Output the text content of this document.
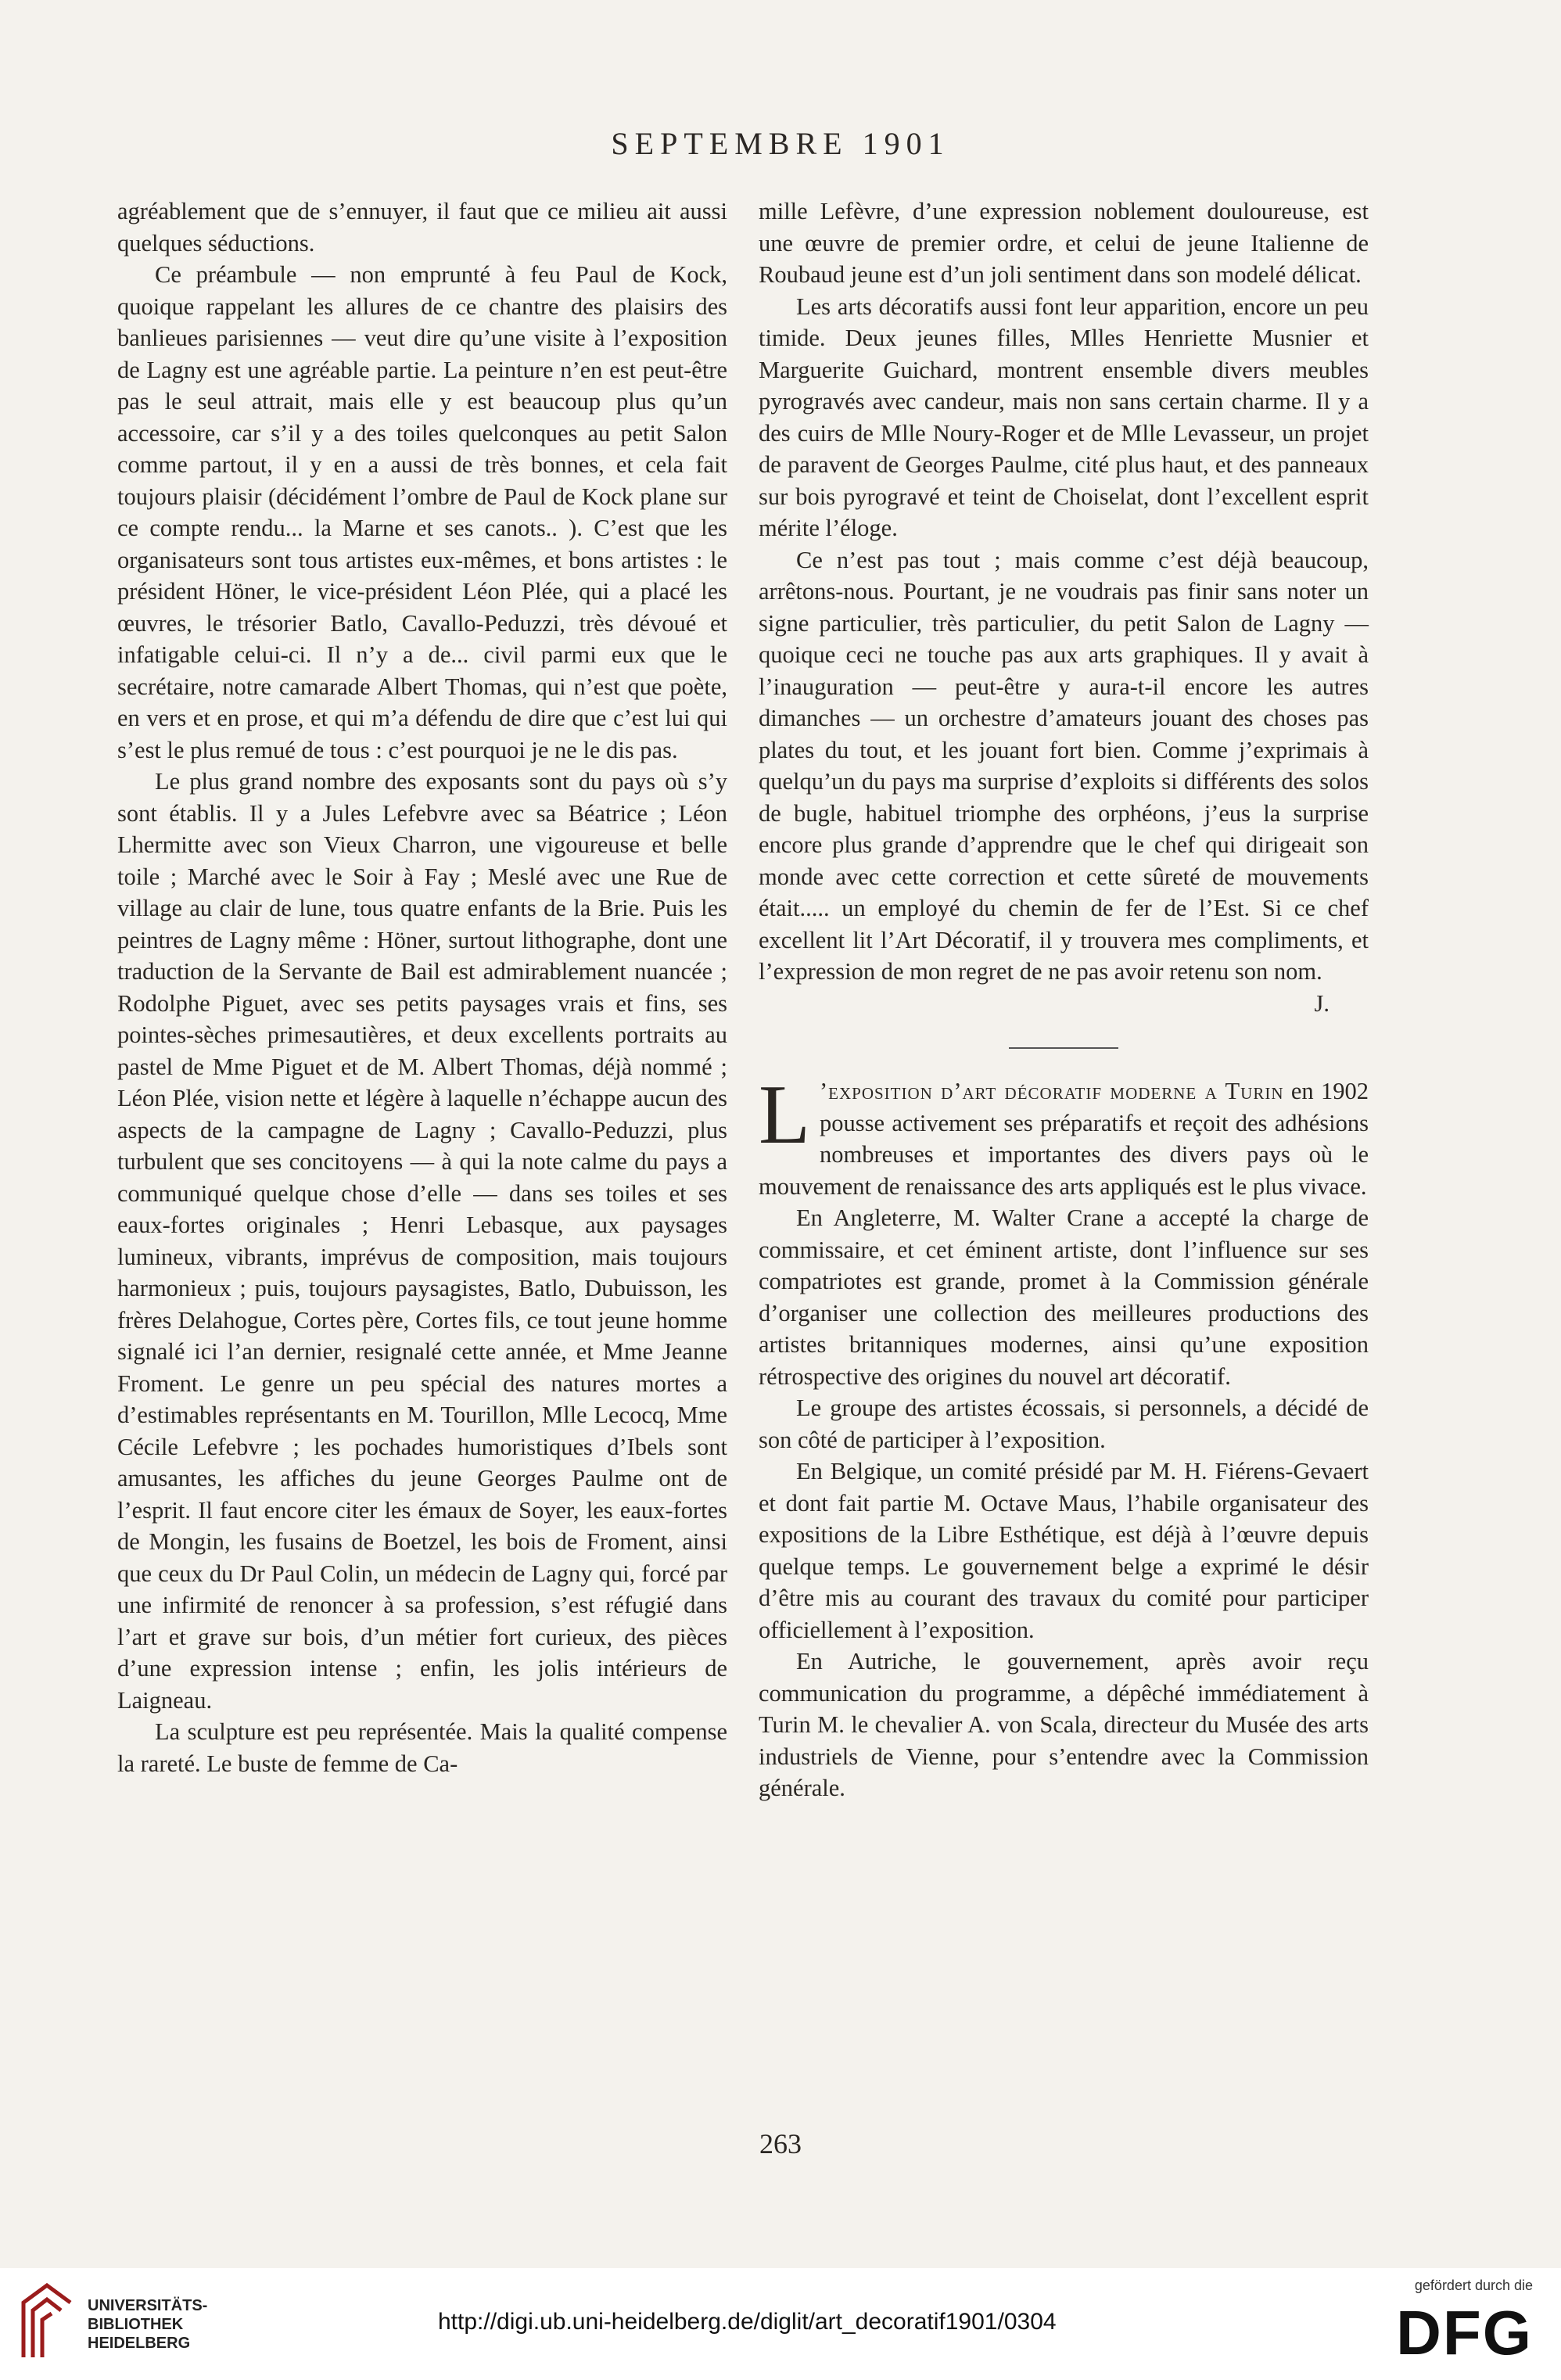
SEPTEMBRE 1901

agréablement que de s’ennuyer, il faut que ce milieu ait aussi quelques séductions.

Ce préambule — non emprunté à feu Paul de Kock, quoique rappelant les allures de ce chantre des plaisirs des banlieues parisiennes — veut dire qu’une visite à l’exposition de Lagny est une agréable partie. La peinture n’en est peut-être pas le seul attrait, mais elle y est beaucoup plus qu’un accessoire, car s’il y a des toiles quelconques au petit Salon comme partout, il y en a aussi de très bonnes, et cela fait toujours plaisir (décidément l’ombre de Paul de Kock plane sur ce compte rendu... la Marne et ses canots.. ). C’est que les organisateurs sont tous artistes eux-mêmes, et bons artistes : le président Höner, le vice-président Léon Plée, qui a placé les œuvres, le trésorier Batlo, Cavallo-Peduzzi, très dévoué et infatigable celui-ci. Il n’y a de... civil parmi eux que le secrétaire, notre camarade Albert Thomas, qui n’est que poète, en vers et en prose, et qui m’a défendu de dire que c’est lui qui s’est le plus remué de tous : c’est pourquoi je ne le dis pas.

Le plus grand nombre des exposants sont du pays où s’y sont établis. Il y a Jules Lefebvre avec sa Béatrice ; Léon Lhermitte avec son Vieux Charron, une vigoureuse et belle toile ; Marché avec le Soir à Fay ; Meslé avec une Rue de village au clair de lune, tous quatre enfants de la Brie. Puis les peintres de Lagny même : Höner, surtout lithographe, dont une traduction de la Servante de Bail est admirablement nuancée ; Rodolphe Piguet, avec ses petits paysages vrais et fins, ses pointes-sèches primesautières, et deux excellents portraits au pastel de Mme Piguet et de M. Albert Thomas, déjà nommé ; Léon Plée, vision nette et légère à laquelle n’échappe aucun des aspects de la campagne de Lagny ; Cavallo-Peduzzi, plus turbulent que ses concitoyens — à qui la note calme du pays a communiqué quelque chose d’elle — dans ses toiles et ses eaux-fortes originales ; Henri Lebasque, aux paysages lumineux, vibrants, imprévus de composition, mais toujours harmonieux ; puis, toujours paysagistes, Batlo, Dubuisson, les frères Delahogue, Cortes père, Cortes fils, ce tout jeune homme signalé ici l’an dernier, resignalé cette année, et Mme Jeanne Froment. Le genre un peu spécial des natures mortes a d’estimables représentants en M. Tourillon, Mlle Lecocq, Mme Cécile Lefebvre ; les pochades humoristiques d’Ibels sont amusantes, les affiches du jeune Georges Paulme ont de l’esprit. Il faut encore citer les émaux de Soyer, les eaux-fortes de Mongin, les fusains de Boetzel, les bois de Froment, ainsi que ceux du Dr Paul Colin, un médecin de Lagny qui, forcé par une infirmité de renoncer à sa profession, s’est réfugié dans l’art et grave sur bois, d’un métier fort curieux, des pièces d’une expression intense ; enfin, les jolis intérieurs de Laigneau.

La sculpture est peu représentée. Mais la qualité compense la rareté. Le buste de femme de Ca-

mille Lefèvre, d’une expression noblement douloureuse, est une œuvre de premier ordre, et celui de jeune Italienne de Roubaud jeune est d’un joli sentiment dans son modelé délicat.

Les arts décoratifs aussi font leur apparition, encore un peu timide. Deux jeunes filles, Mlles Henriette Musnier et Marguerite Guichard, montrent ensemble divers meubles pyrogravés avec candeur, mais non sans certain charme. Il y a des cuirs de Mlle Noury-Roger et de Mlle Levasseur, un projet de paravent de Georges Paulme, cité plus haut, et des panneaux sur bois pyrogravé et teint de Choiselat, dont l’excellent esprit mérite l’éloge.

Ce n’est pas tout ; mais comme c’est déjà beaucoup, arrêtons-nous. Pourtant, je ne voudrais pas finir sans noter un signe particulier, très particulier, du petit Salon de Lagny — quoique ceci ne touche pas aux arts graphiques. Il y avait à l’inauguration — peut-être y aura-t-il encore les autres dimanches — un orchestre d’amateurs jouant des choses pas plates du tout, et les jouant fort bien. Comme j’exprimais à quelqu’un du pays ma surprise d’exploits si différents des solos de bugle, habituel triomphe des orphéons, j’eus la surprise encore plus grande d’apprendre que le chef qui dirigeait son monde avec cette correction et cette sûreté de mouvements était..... un employé du chemin de fer de l’Est. Si ce chef excellent lit l’Art Décoratif, il y trouvera mes compliments, et l’expression de mon regret de ne pas avoir retenu son nom.

J.

L ’exposition d’art décoratif moderne a Turin en 1902 pousse activement ses préparatifs et reçoit des adhésions nombreuses et importantes des divers pays où le mouvement de renaissance des arts appliqués est le plus vivace.

En Angleterre, M. Walter Crane a accepté la charge de commissaire, et cet éminent artiste, dont l’influence sur ses compatriotes est grande, promet à la Commission générale d’organiser une collection des meilleures productions des artistes britanniques modernes, ainsi qu’une exposition rétrospective des origines du nouvel art décoratif.

Le groupe des artistes écossais, si personnels, a décidé de son côté de participer à l’exposition.

En Belgique, un comité présidé par M. H. Fiérens-Gevaert et dont fait partie M. Octave Maus, l’habile organisateur des expositions de la Libre Esthétique, est déjà à l’œuvre depuis quelque temps. Le gouvernement belge a exprimé le désir d’être mis au courant des travaux du comité pour participer officiellement à l’exposition.

En Autriche, le gouvernement, après avoir reçu communication du programme, a dépêché immédiatement à Turin M. le chevalier A. von Scala, directeur du Musée des arts industriels de Vienne, pour s’entendre avec la Commission générale.

263
UNIVERSITÄTS-
BIBLIOTHEK
HEIDELBERG
http://digi.ub.uni-heidelberg.de/diglit/art_decoratif1901/0304
gefördert durch die
DFG
